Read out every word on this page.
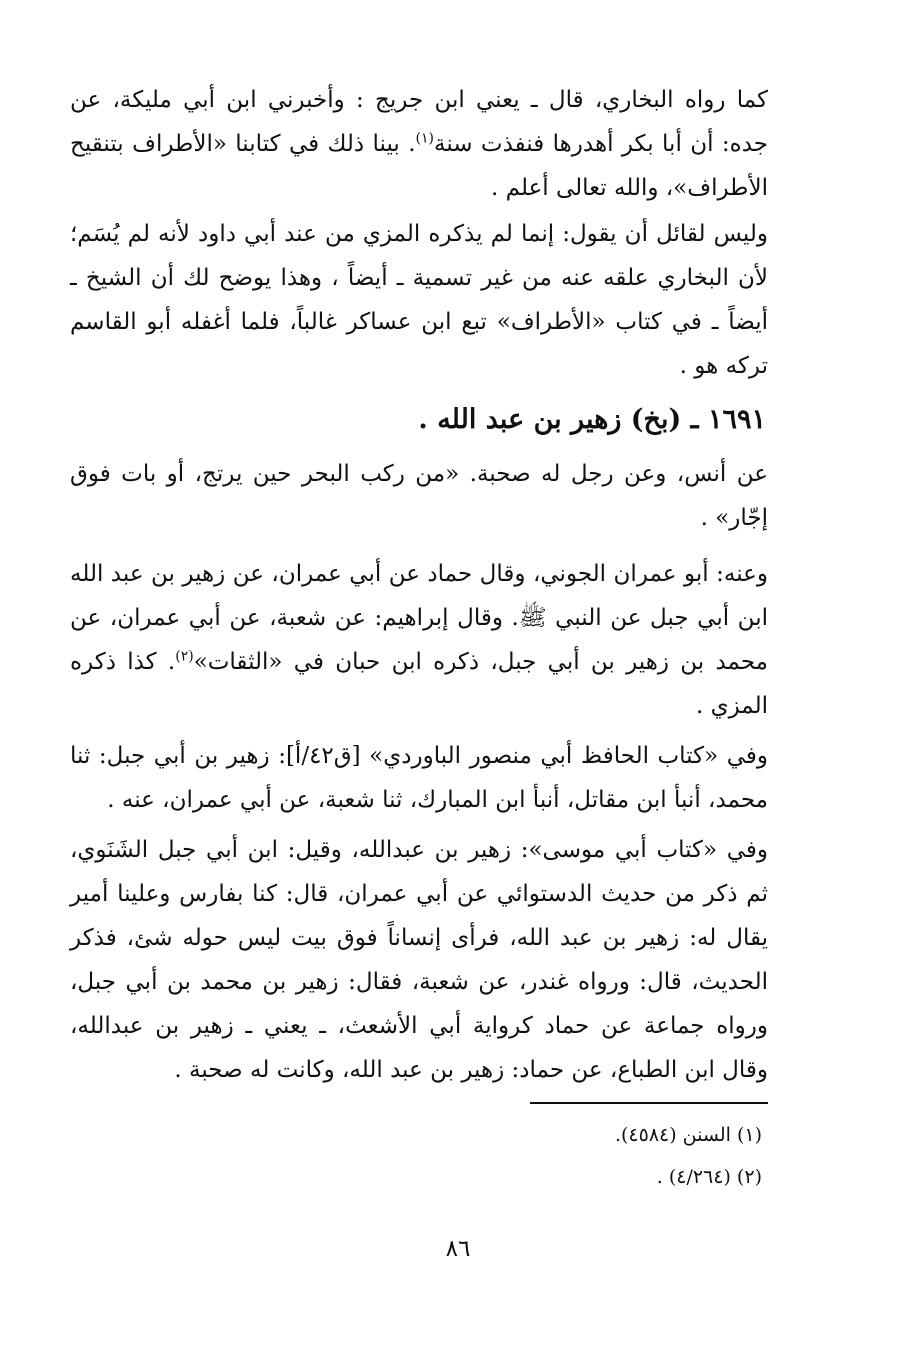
كما رواه البخاري، قال ـ يعني ابن جريج : وأخبرني ابن أبي مليكة، عن جده: أن أبا بكر أهدرها فنفذت سنة$^{(١)}$. بينا ذلك في كتابنا «الأطراف بتنقيح الأطراف»، والله تعالى أعلم .
وليس لقائل أن يقول: إنما لم يذكره المزي من عند أبي داود لأنه لم يُسَم؛ لأن البخاري علقه عنه من غير تسمية ـ أيضاً ، وهذا يوضح لك أن الشيخ ـ أيضاً ـ في كتاب «الأطراف» تبع ابن عساكر غالباً، فلما أغفله أبو القاسم تركه هو .
١٦٩١ ـ (بخ) زهير بن عبد الله .
عن أنس، وعن رجل له صحبة. «من ركب البحر حين يرتج، أو بات فوق إجّار» .
وعنه: أبو عمران الجوني، وقال حماد عن أبي عمران، عن زهير بن عبد الله ابن أبي جبل عن النبي ﷺ. وقال إبراهيم: عن شعبة، عن أبي عمران، عن محمد بن زهير بن أبي جبل، ذكره ابن حبان في «الثقات»$^{(٢)}$. كذا ذكره المزي .
وفي «كتاب الحافظ أبي منصور الباوردي» [ق٤٢/أ]: زهير بن أبي جبل: ثنا محمد، أنبأ ابن مقاتل، أنبأ ابن المبارك، ثنا شعبة، عن أبي عمران، عنه .
وفي «كتاب أبي موسى»: زهير بن عبدالله، وقيل: ابن أبي جبل الشَنَوي، ثم ذكر من حديث الدستوائي عن أبي عمران، قال: كنا بفارس وعلينا أمير يقال له: زهير بن عبد الله، فرأى إنساناً فوق بيت ليس حوله شئ، فذكر الحديث، قال: ورواه غندر، عن شعبة، فقال: زهير بن محمد بن أبي جبل، ورواه جماعة عن حماد كرواية أبي الأشعث، ـ يعني ـ زهير بن عبدالله، وقال ابن الطباع، عن حماد: زهير بن عبد الله، وكانت له صحبة .
(١) السنن (٤٥٨٤).
(٢) (٤/٢٦٤) .
٨٦
